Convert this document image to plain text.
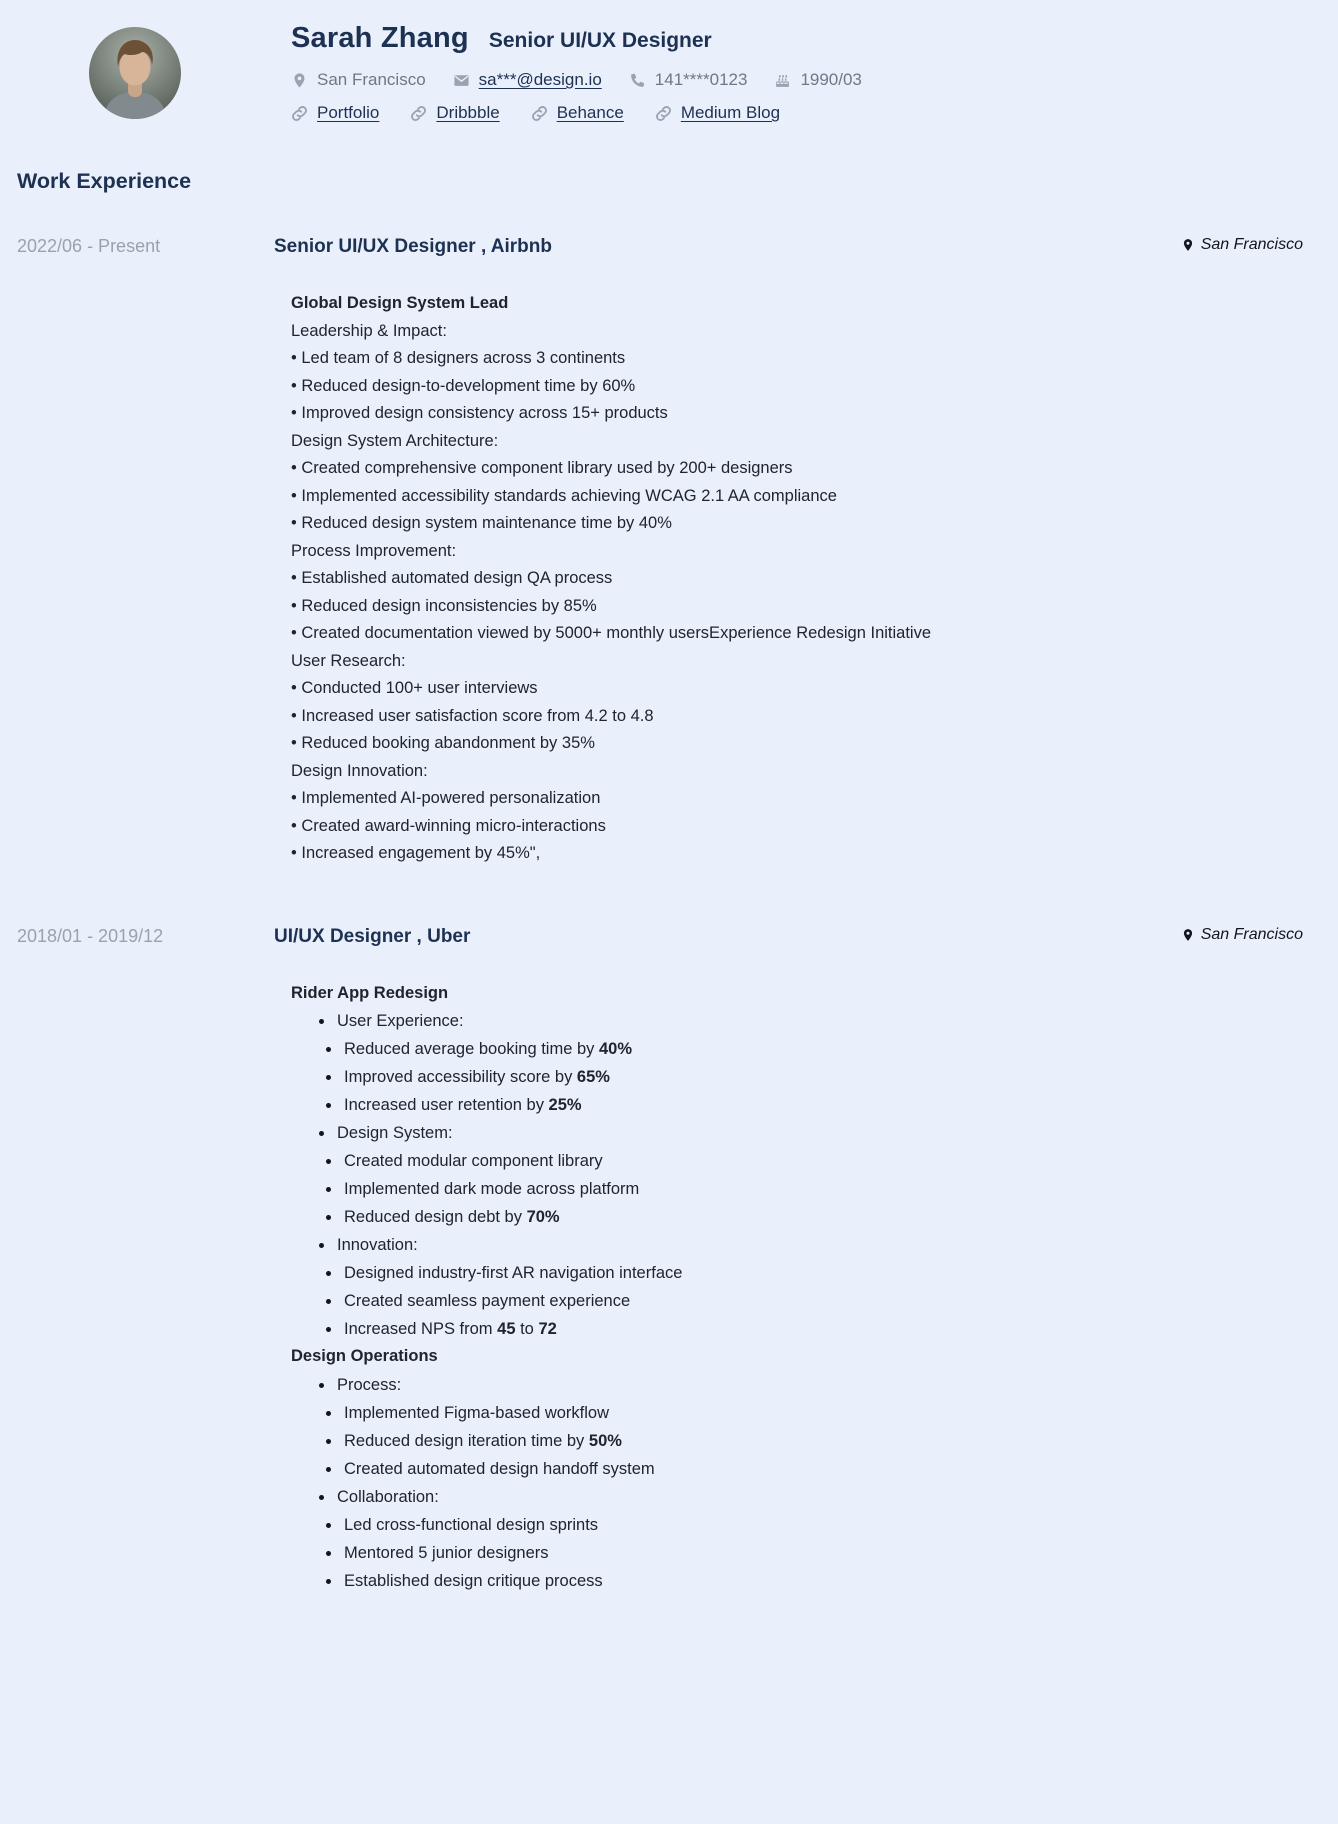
Sarah Zhang Senior UI/UX Designer
San Francisco	sa***@design.io	141****0123	1990/03
Portfolio	Dribbble	Behance	Medium Blog
Work Experience
2022/06 - Present	Senior UI/UX Designer , Airbnb	San Francisco
Global Design System Lead
Leadership & Impact:
• Led team of 8 designers across 3 continents
• Reduced design-to-development time by 60%
• Improved design consistency across 15+ products
Design System Architecture:
• Created comprehensive component library used by 200+ designers
• Implemented accessibility standards achieving WCAG 2.1 AA compliance
• Reduced design system maintenance time by 40%
Process Improvement:
• Established automated design QA process
• Reduced design inconsistencies by 85%
• Created documentation viewed by 5000+ monthly usersExperience Redesign Initiative
User Research:
• Conducted 100+ user interviews
• Increased user satisfaction score from 4.2 to 4.8
• Reduced booking abandonment by 35%
Design Innovation:
• Implemented AI-powered personalization
• Created award-winning micro-interactions
• Increased engagement by 45%",
2018/01 - 2019/12	UI/UX Designer , Uber	San Francisco
Rider App Redesign
User Experience:
Reduced average booking time by 40%
Improved accessibility score by 65%
Increased user retention by 25%
Design System:
Created modular component library
Implemented dark mode across platform
Reduced design debt by 70%
Innovation:
Designed industry-first AR navigation interface
Created seamless payment experience
Increased NPS from 45 to 72
Design Operations
Process:
Implemented Figma-based workflow
Reduced design iteration time by 50%
Created automated design handoff system
Collaboration:
Led cross-functional design sprints
Mentored 5 junior designers
Established design critique process
